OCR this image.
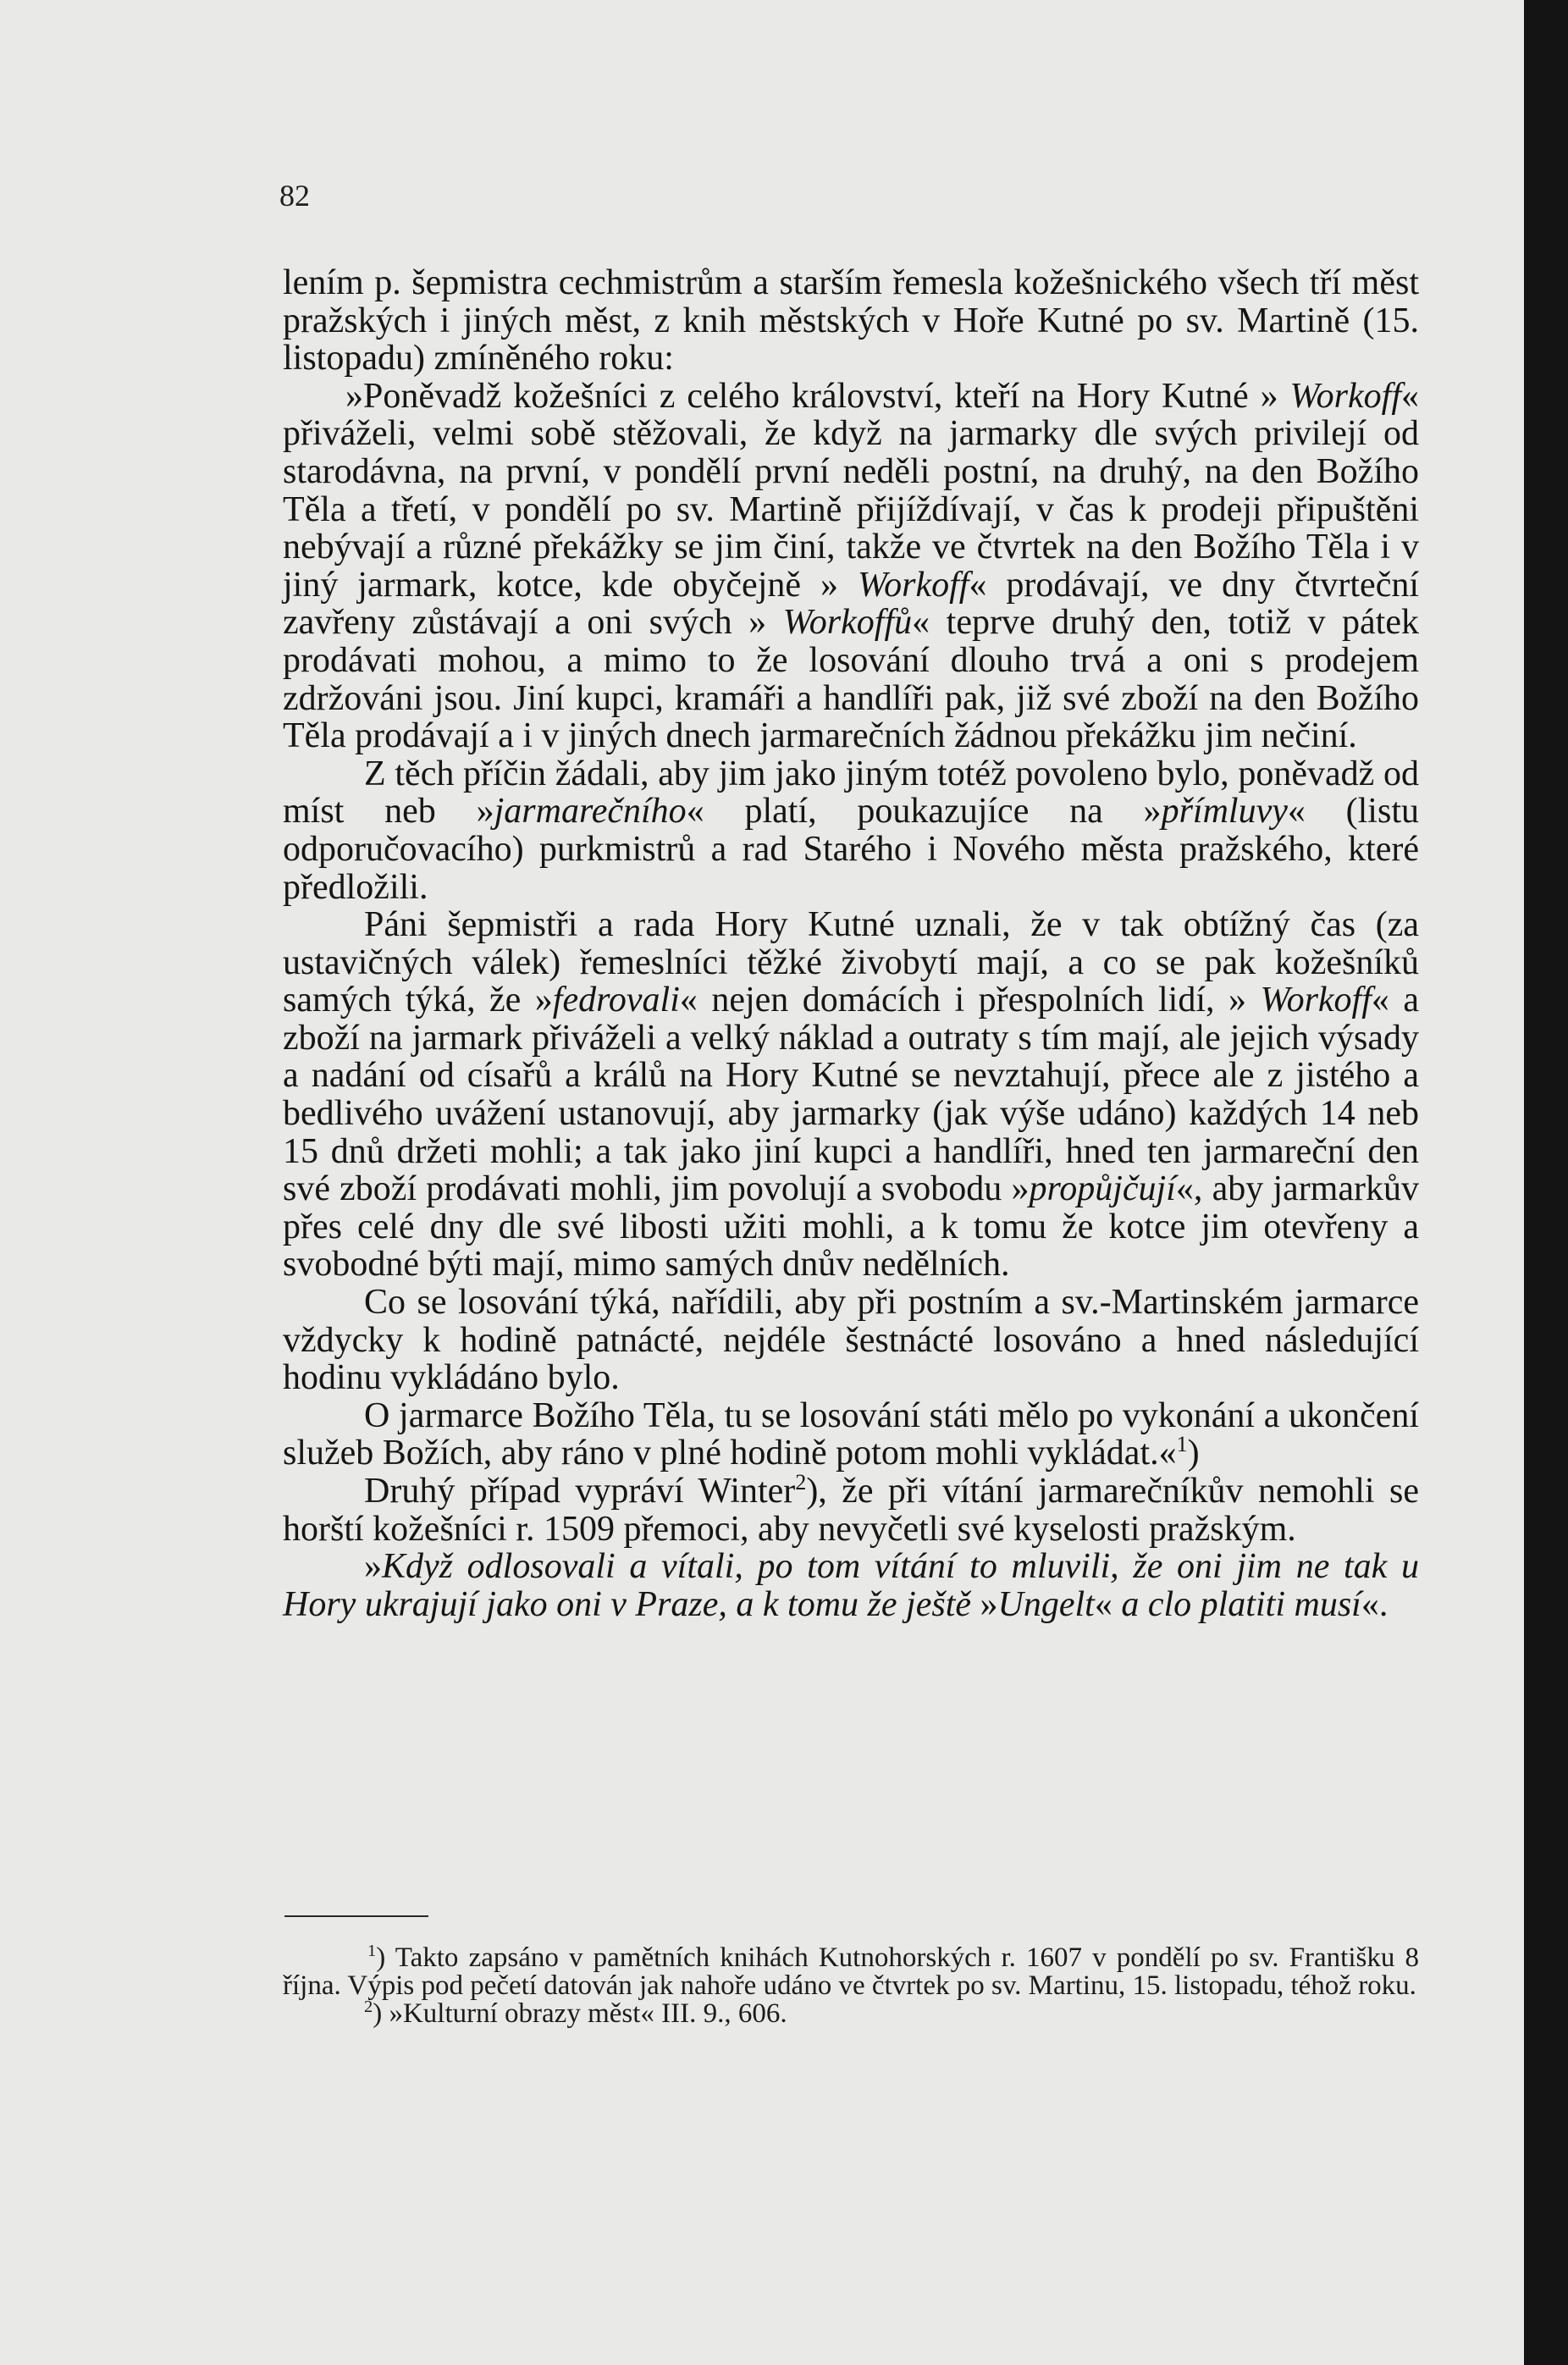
82

lením p. šepmistra cechmistrům a starším řemesla kožešnického všech tří měst pražských i jiných měst, z knih městských v Hoře Kutné po sv. Martině (15. listopadu) zmíněného roku:

»Poněvadž kožešníci z celého království, kteří na Hory Kutné » Workoff« přiváželi, velmi sobě stěžovali, že když na jarmarky dle svých privilejí od starodávna, na první, v pondělí první neděli postní, na druhý, na den Božího Těla a třetí, v pondělí po sv. Martině přijíždívají, v čas k prodeji připuštěni nebývají a různé překážky se jim činí, takže ve čtvrtek na den Božího Těla i v jiný jarmark, kotce, kde obyčejně » Workoff« prodávají, ve dny čtvrteční zavřeny zůstávají a oni svých » Workoffů« teprve druhý den, totiž v pátek prodávati mohou, a mimo to že losování dlouho trvá a oni s prodejem zdržováni jsou. Jiní kupci, kramáři a handlíři pak, již své zboží na den Božího Těla prodávají a i v jiných dnech jarmarečních žádnou překážku jim nečiní.

Z těch příčin žádali, aby jim jako jiným totéž povoleno bylo, poněvadž od míst neb »jarmarečního« platí, poukazujíce na »přímluvy« (listu odporučovacího) purkmistrů a rad Starého i Nového města pražského, které předložili.

Páni šepmistři a rada Hory Kutné uznali, že v tak obtížný čas (za ustavičných válek) řemeslníci těžké živobytí mají, a co se pak kožešníků samých týká, že »fedrovali« nejen domácích i přespolních lidí, » Workoff« a zboží na jarmark přiváželi a velký náklad a outraty s tím mají, ale jejich výsady a nadání od císařů a králů na Hory Kutné se nevztahují, přece ale z jistého a bedlivého uvážení ustanovují, aby jarmarky (jak výše udáno) každých 14 neb 15 dnů držeti mohli; a tak jako jiní kupci a handlíři, hned ten jarmareční den své zboží prodávati mohli, jim povolují a svobodu »propůjčují«, aby jarmarkův přes celé dny dle své libosti užiti mohli, a k tomu že kotce jim otevřeny a svobodné býti mají, mimo samých dnův nedělních.

Co se losování týká, nařídili, aby při postním a sv.-Martinském jarmarce vždycky k hodině patnácté, nejdéle šestnácté losováno a hned následující hodinu vykládáno bylo.

O jarmarce Božího Těla, tu se losování státi mělo po vykonání a ukončení služeb Božích, aby ráno v plné hodině potom mohli vykládat.«$^1$)

Druhý případ vypráví Winter$^2$), že při vítání jarmarečníkův nemohli se horští kožešníci r. 1509 přemoci, aby nevyčetli své kyselosti pražským.

»Když odlosovali a vítali, po tom vítání to mluvili, že oni jim ne tak u Hory ukrajují jako oni v Praze, a k tomu že ještě »Ungelt« a clo platiti musí«.

$^1$) Takto zapsáno v pamětních knihách Kutnohorských r. 1607 v pondělí po sv. Františku 8 října. Výpis pod pečetí datován jak nahoře udáno ve čtvrtek po sv. Martinu, 15. listopadu, téhož roku.

$^2$) »Kulturní obrazy měst« III. 9., 606.
